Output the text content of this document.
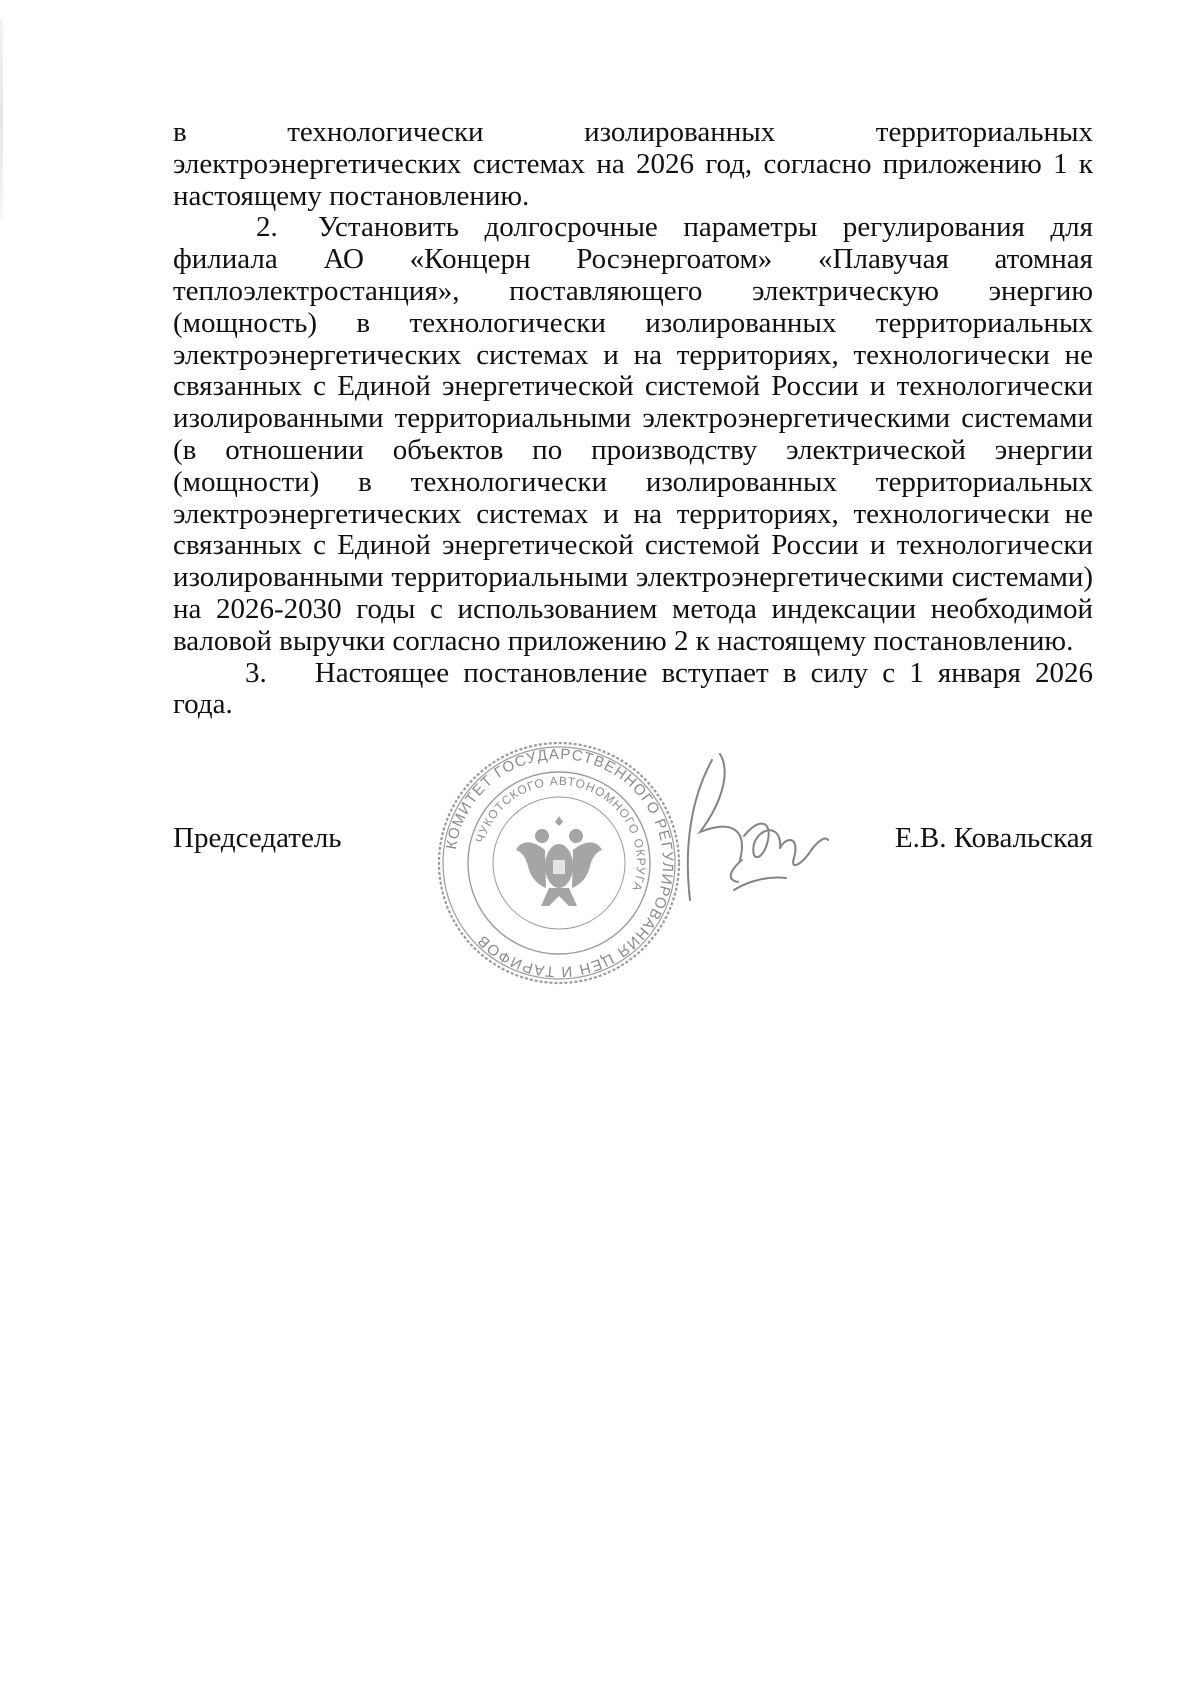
в технологически изолированных территориальных электроэнергетических системах на 2026 год, согласно приложению 1 к настоящему постановлению.

2. Установить долгосрочные параметры регулирования для филиала АО «Концерн Росэнергоатом» «Плавучая атомная теплоэлектростанция», поставляющего электрическую энергию (мощность) в технологически изолированных территориальных электроэнергетических системах и на территориях, технологически не связанных с Единой энергетической системой России и технологически изолированными территориальными электроэнергетическими системами (в отношении объектов по производству электрической энергии (мощности) в технологически изолированных территориальных электроэнергетических системах и на территориях, технологически не связанных с Единой энергетической системой России и технологически изолированными территориальными электроэнергетическими системами) на 2026-2030 годы с использованием метода индексации необходимой валовой выручки согласно приложению 2 к настоящему постановлению.

3. Настоящее постановление вступает в силу с 1 января 2026 года.

Председатель	Е.В. Ковальская
КОМИТЕТ ГОСУДАРСТВЕННОГО РЕГУЛИРОВАНИЯ ЦЕН И ТАРИФОВ
ЧУКОТСКОГО АВТОНОМНОГО ОКРУГА
